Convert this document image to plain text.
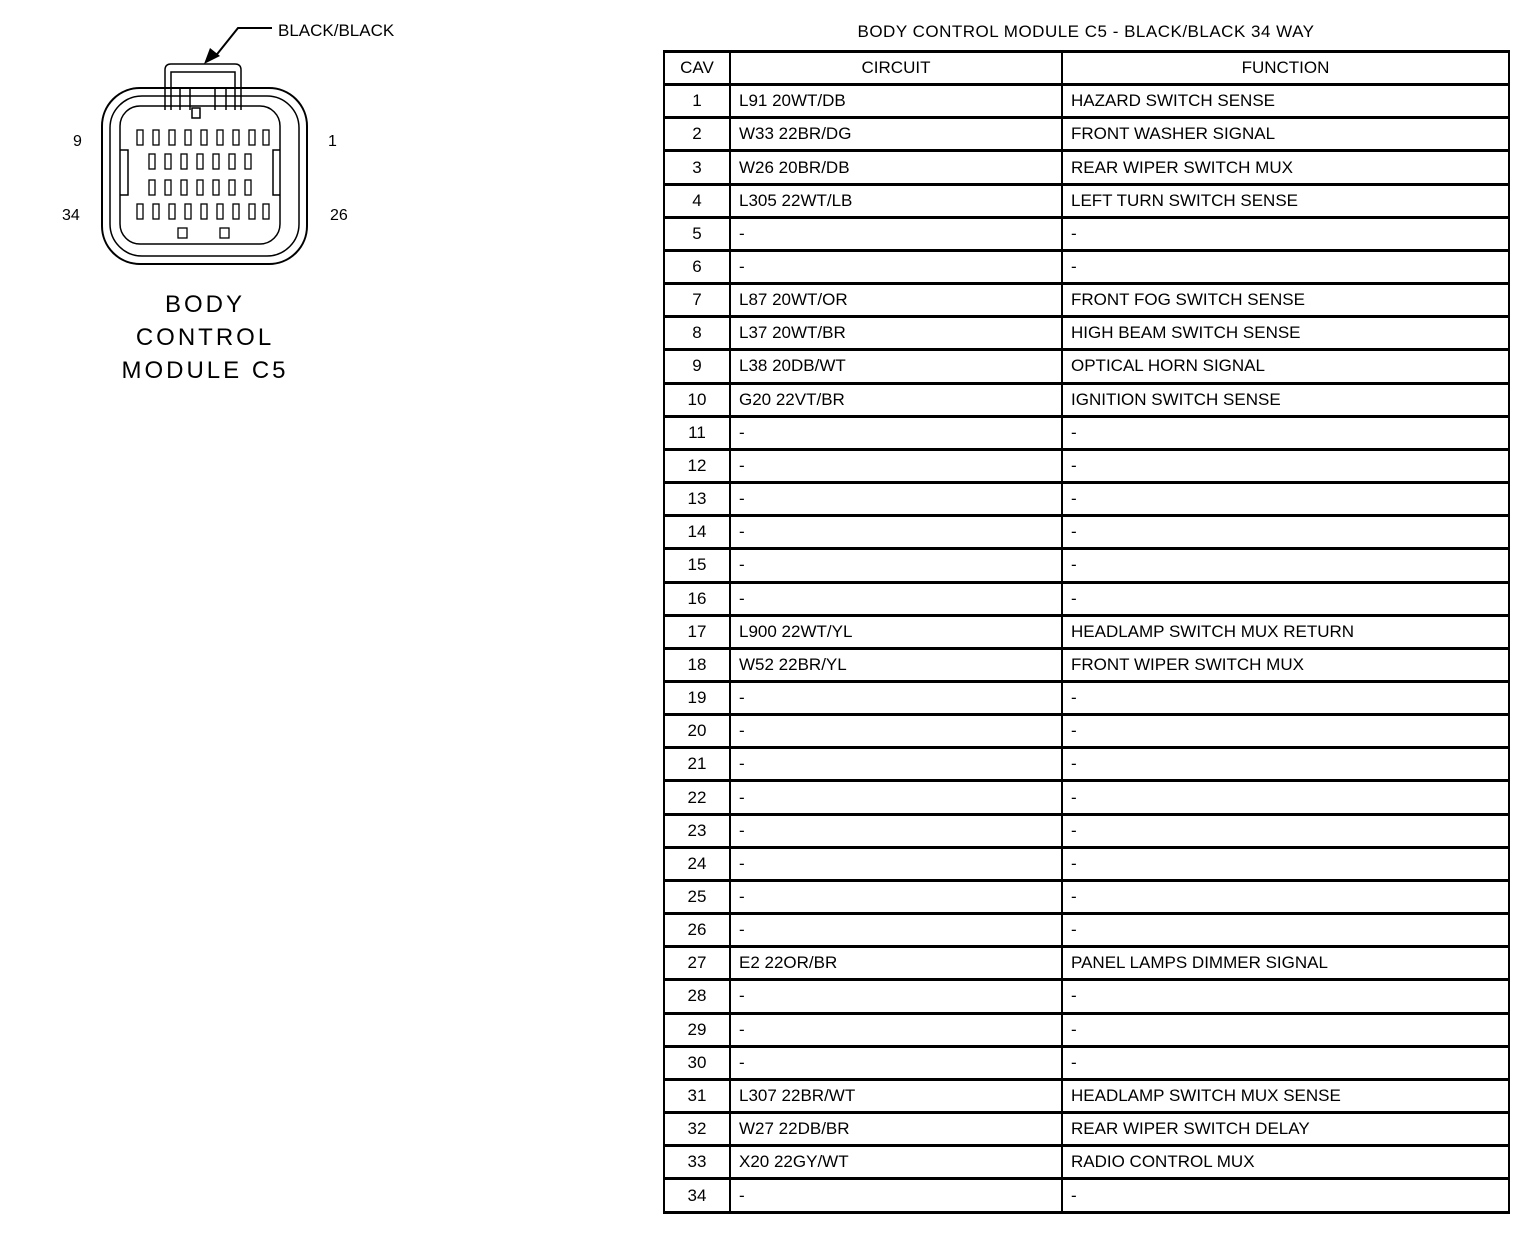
BLACK/BLACK
9	1
34	26
BODY
CONTROL
MODULE C5
BODY CONTROL MODULE C5 - BLACK/BLACK 34 WAY
CAV	CIRCUIT	FUNCTION
1	L91 20WT/DB	HAZARD SWITCH SENSE
2	W33 22BR/DG	FRONT WASHER SIGNAL
3	W26 20BR/DB	REAR WIPER SWITCH MUX
4	L305 22WT/LB	LEFT TURN SWITCH SENSE
5	-	-
6	-	-
7	L87 20WT/OR	FRONT FOG SWITCH SENSE
8	L37 20WT/BR	HIGH BEAM SWITCH SENSE
9	L38 20DB/WT	OPTICAL HORN SIGNAL
10	G20 22VT/BR	IGNITION SWITCH SENSE
11	-	-
12	-	-
13	-	-
14	-	-
15	-	-
16	-	-
17	L900 22WT/YL	HEADLAMP SWITCH MUX RETURN
18	W52 22BR/YL	FRONT WIPER SWITCH MUX
19	-	-
20	-	-
21	-	-
22	-	-
23	-	-
24	-	-
25	-	-
26	-	-
27	E2 22OR/BR	PANEL LAMPS DIMMER SIGNAL
28	-	-
29	-	-
30	-	-
31	L307 22BR/WT	HEADLAMP SWITCH MUX SENSE
32	W27 22DB/BR	REAR WIPER SWITCH DELAY
33	X20 22GY/WT	RADIO CONTROL MUX
34	-	-
